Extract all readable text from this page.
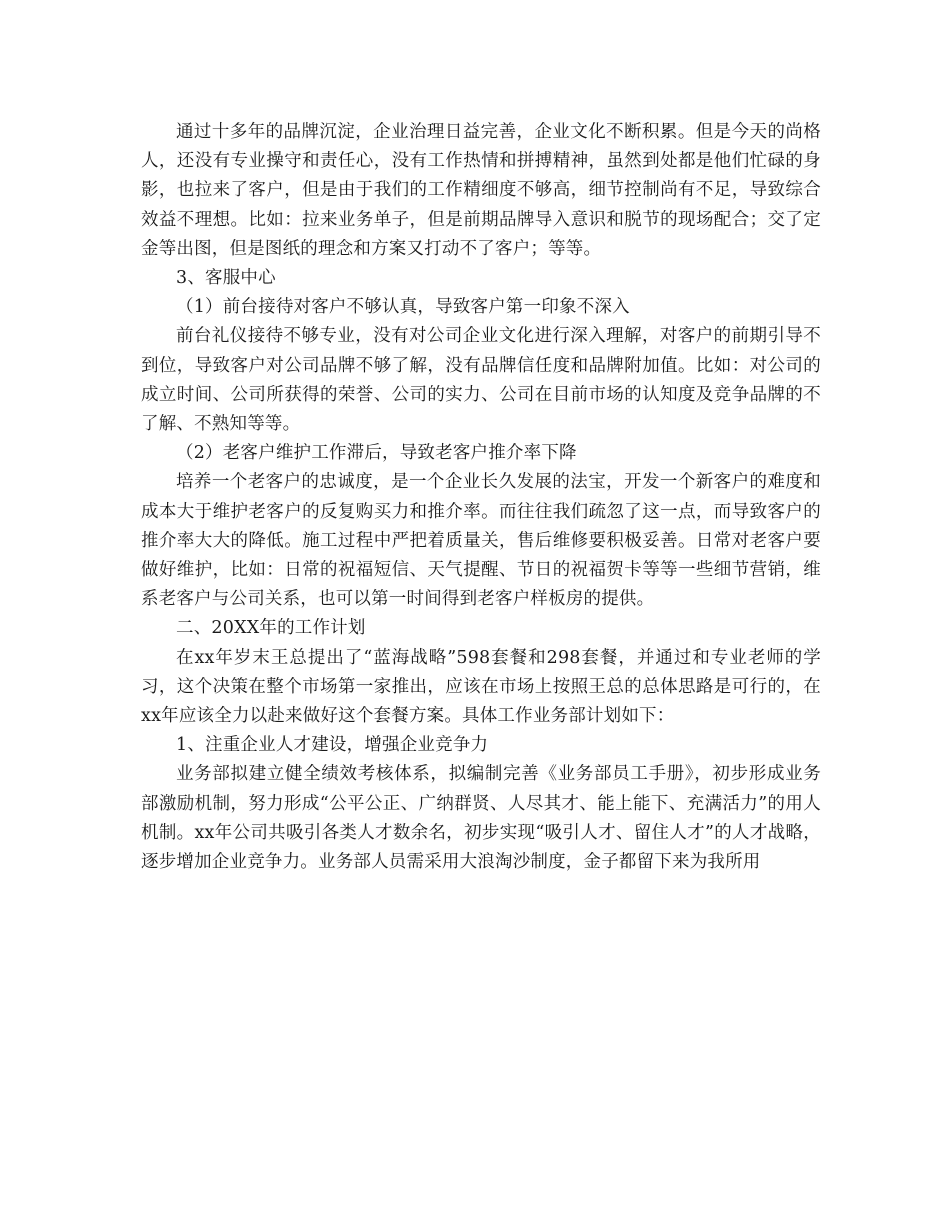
通过十多年的品牌沉淀，企业治理日益完善，企业文化不断积累。但是今天的尚格人，还没有专业操守和责任心，没有工作热情和拼搏精神，虽然到处都是他们忙碌的身影，也拉来了客户，但是由于我们的工作精细度不够高，细节控制尚有不足，导致综合效益不理想。比如：拉来业务单子，但是前期品牌导入意识和脱节的现场配合；交了定金等出图，但是图纸的理念和方案又打动不了客户；等等。

3、客服中心

（1）前台接待对客户不够认真，导致客户第一印象不深入

前台礼仪接待不够专业，没有对公司企业文化进行深入理解，对客户的前期引导不到位，导致客户对公司品牌不够了解，没有品牌信任度和品牌附加值。比如：对公司的成立时间、公司所获得的荣誉、公司的实力、公司在目前市场的认知度及竞争品牌的不了解、不熟知等等。

（2）老客户维护工作滞后，导致老客户推介率下降

培养一个老客户的忠诚度，是一个企业长久发展的法宝，开发一个新客户的难度和成本大于维护老客户的反复购买力和推介率。而往往我们疏忽了这一点，而导致客户的推介率大大的降低。施工过程中严把着质量关，售后维修要积极妥善。日常对老客户要做好维护，比如：日常的祝福短信、天气提醒、节日的祝福贺卡等等一些细节营销，维系老客户与公司关系，也可以第一时间得到老客户样板房的提供。

二、20XX年的工作计划

在xx年岁末王总提出了“蓝海战略”598套餐和298套餐，并通过和专业老师的学习，这个决策在整个市场第一家推出，应该在市场上按照王总的总体思路是可行的，在xx年应该全力以赴来做好这个套餐方案。具体工作业务部计划如下：

1、注重企业人才建设，增强企业竞争力

业务部拟建立健全绩效考核体系，拟编制完善《业务部员工手册》，初步形成业务部激励机制，努力形成“公平公正、广纳群贤、人尽其才、能上能下、充满活力”的用人机制。xx年公司共吸引各类人才数余名，初步实现“吸引人才、留住人才”的人才战略，逐步增加企业竞争力。业务部人员需采用大浪淘沙制度，金子都留下来为我所用
